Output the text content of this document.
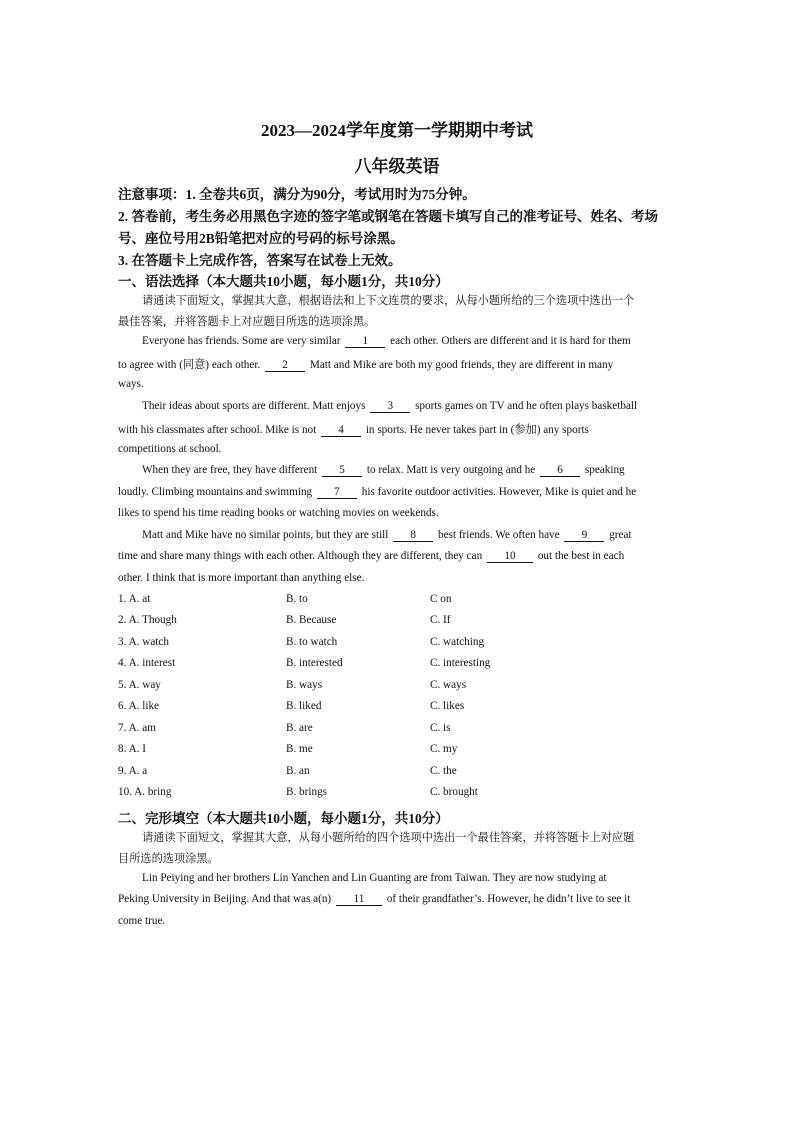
2023—2024学年度第一学期期中考试
八年级英语
注意事项：1. 全卷共6页，满分为90分，考试用时为75分钟。
2. 答卷前，考生务必用黑色字迹的签字笔或钢笔在答题卡填写自己的准考证号、姓名、考场
号、座位号用2B铅笔把对应的号码的标号涂黑。
3. 在答题卡上完成作答，答案写在试卷上无效。
一、语法选择（本大题共10小题，每小题1分，共10分）
请通读下面短文，掌握其大意，根据语法和上下文连贯的要求，从每小题所给的三个选项中选出一个
最佳答案，并将答题卡上对应题目所选的选项涂黑。
Everyone has friends. Some are very similar 1 each other. Others are different and it is hard for them
to agree with (同意) each other. 2 Matt and Mike are both my good friends, they are different in many
ways.
Their ideas about sports are different. Matt enjoys 3 sports games on TV and he often plays basketball
with his classmates after school. Mike is not 4 in sports. He never takes part in (参加) any sports
competitions at school.
When they are free, they have different 5 to relax. Matt is very outgoing and he 6 speaking
loudly. Climbing mountains and swimming 7 his favorite outdoor activities. However, Mike is quiet and he
likes to spend his time reading books or watching movies on weekends.
Matt and Mike have no similar points, but they are still 8 best friends. We often have 9 great
time and share many things with each other. Although they are different, they can 10 out the best in each
other. I think that is more important than anything else.
1. A. at	B. to	C on
2. A. Though	B. Because	C. If
3. A. watch	B. to watch	C. watching
4. A. interest	B. interested	C. interesting
5. A. way	B. ways	C. ways
6. A. like	B. liked	C. likes
7. A. am	B. are	C. is
8. A. I	B. me	C. my
9. A. a	B. an	C. the
10. A. bring	B. brings	C. brought
二、完形填空（本大题共10小题，每小题1分，共10分）
请通读下面短文，掌握其大意，从每小题所给的四个选项中选出一个最佳答案，并将答题卡上对应题
目所选的选项涂黑。
Lin Peiying and her brothers Lin Yanchen and Lin Guanting are from Taiwan. They are now studying at
Peking University in Beijing. And that was a(n) 11 of their grandfather’s. However, he didn’t live to see it
come true.
